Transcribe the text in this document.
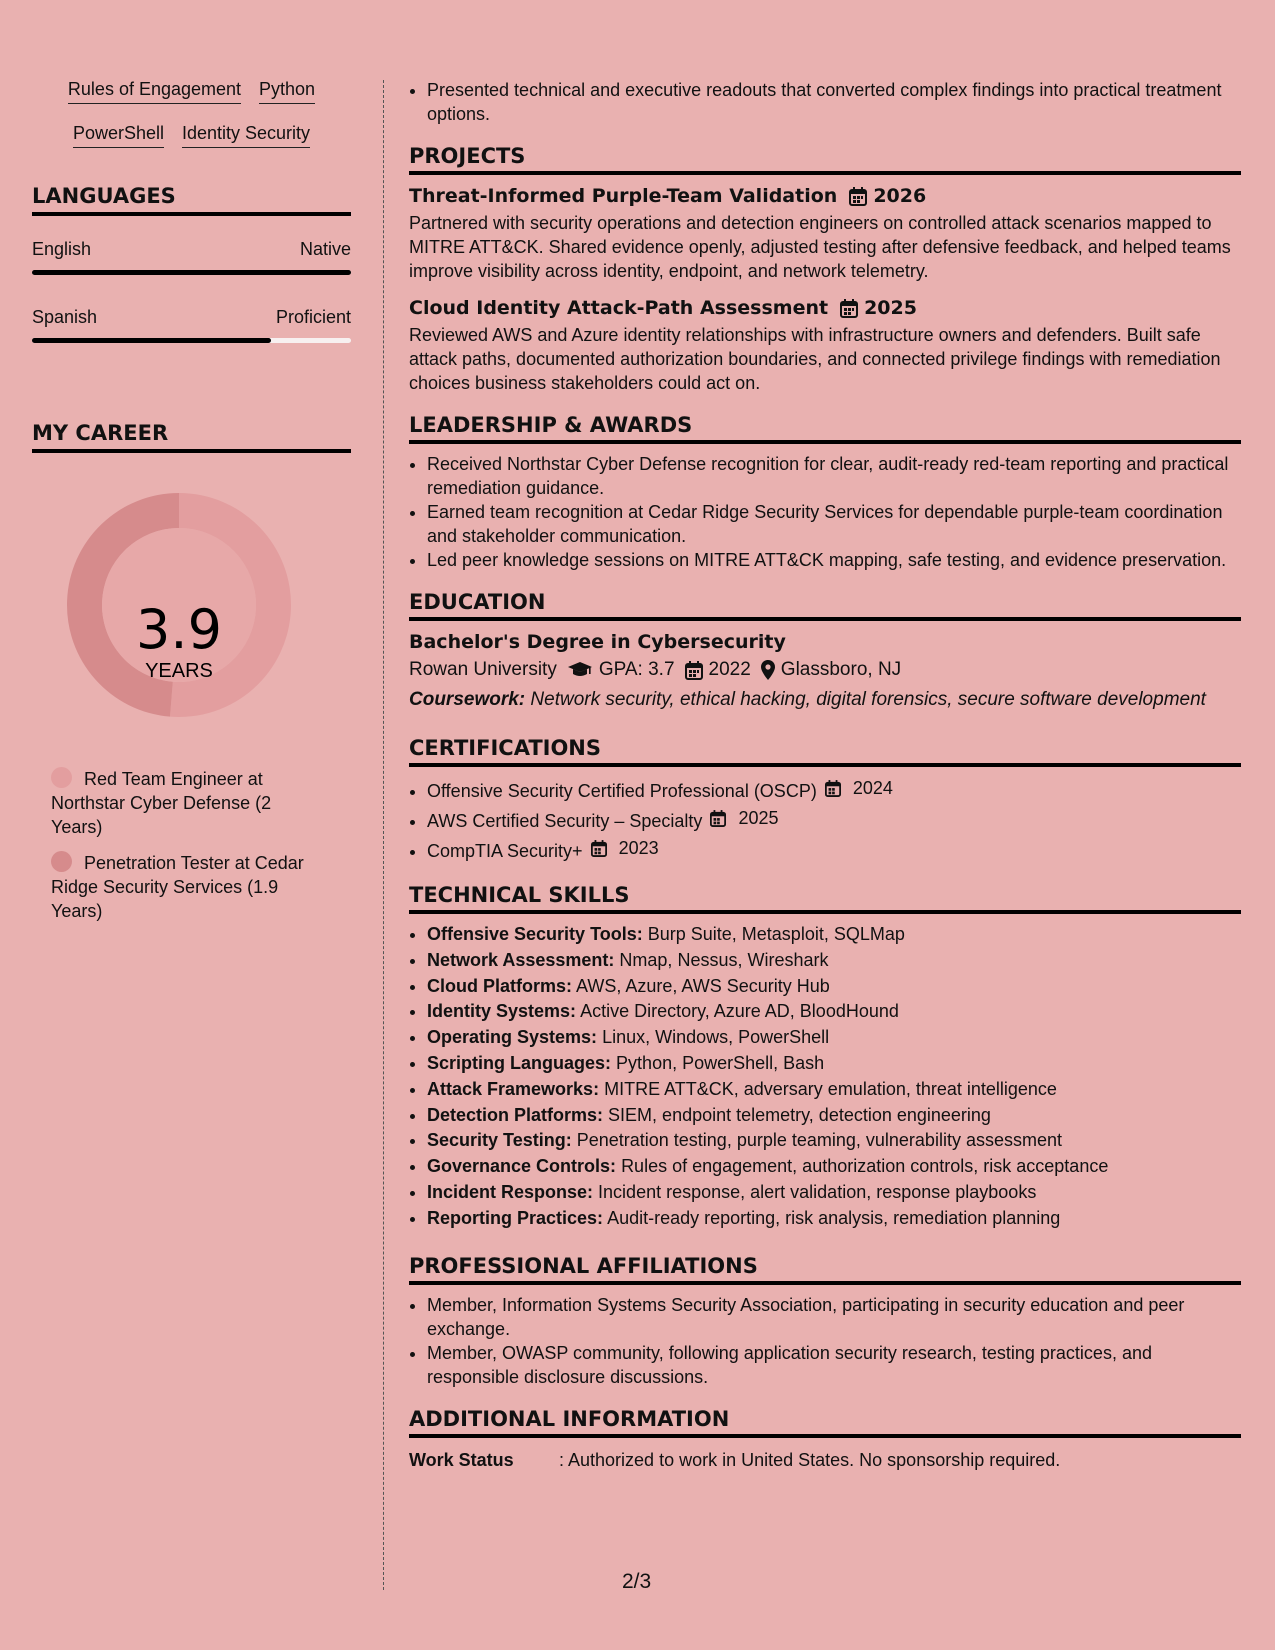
Rules of Engagement Python
PowerShell Identity Security
LANGUAGES
English	Native
Spanish	Proficient
MY CAREER
3.9
YEARS
Red Team Engineer at Northstar Cyber Defense (2 Years)
Penetration Tester at Cedar Ridge Security Services (1.9 Years)
• Presented technical and executive readouts that converted complex findings into practical treatment options.
PROJECTS
Threat-Informed Purple-Team Validation 2026

Partnered with security operations and detection engineers on controlled attack scenarios mapped to MITRE ATT&CK. Shared evidence openly, adjusted testing after defensive feedback, and helped teams improve visibility across identity, endpoint, and network telemetry.

Cloud Identity Attack-Path Assessment 2025

Reviewed AWS and Azure identity relationships with infrastructure owners and defenders. Built safe attack paths, documented authorization boundaries, and connected privilege findings with remediation choices business stakeholders could act on.

LEADERSHIP & AWARDS
• Received Northstar Cyber Defense recognition for clear, audit-ready red-team reporting and practical remediation guidance.
• Earned team recognition at Cedar Ridge Security Services for dependable purple-team coordination and stakeholder communication.
• Led peer knowledge sessions on MITRE ATT&CK mapping, safe testing, and evidence preservation.
EDUCATION
Bachelor's Degree in Cybersecurity
Rowan University GPA: 3.7 2022 Glassboro, NJ
Coursework: Network security, ethical hacking, digital forensics, secure software development
CERTIFICATIONS
• Offensive Security Certified Professional (OSCP) 2024
• AWS Certified Security – Specialty 2025
• CompTIA Security+ 2023
TECHNICAL SKILLS
• Offensive Security Tools: Burp Suite, Metasploit, SQLMap
• Network Assessment: Nmap, Nessus, Wireshark
• Cloud Platforms: AWS, Azure, AWS Security Hub
• Identity Systems: Active Directory, Azure AD, BloodHound
• Operating Systems: Linux, Windows, PowerShell
• Scripting Languages: Python, PowerShell, Bash
• Attack Frameworks: MITRE ATT&CK, adversary emulation, threat intelligence
• Detection Platforms: SIEM, endpoint telemetry, detection engineering
• Security Testing: Penetration testing, purple teaming, vulnerability assessment
• Governance Controls: Rules of engagement, authorization controls, risk acceptance
• Incident Response: Incident response, alert validation, response playbooks
• Reporting Practices: Audit-ready reporting, risk analysis, remediation planning
PROFESSIONAL AFFILIATIONS
• Member, Information Systems Security Association, participating in security education and peer exchange.
• Member, OWASP community, following application security research, testing practices, and responsible disclosure discussions.
ADDITIONAL INFORMATION
Work Status	: Authorized to work in United States. No sponsorship required.
2/3
